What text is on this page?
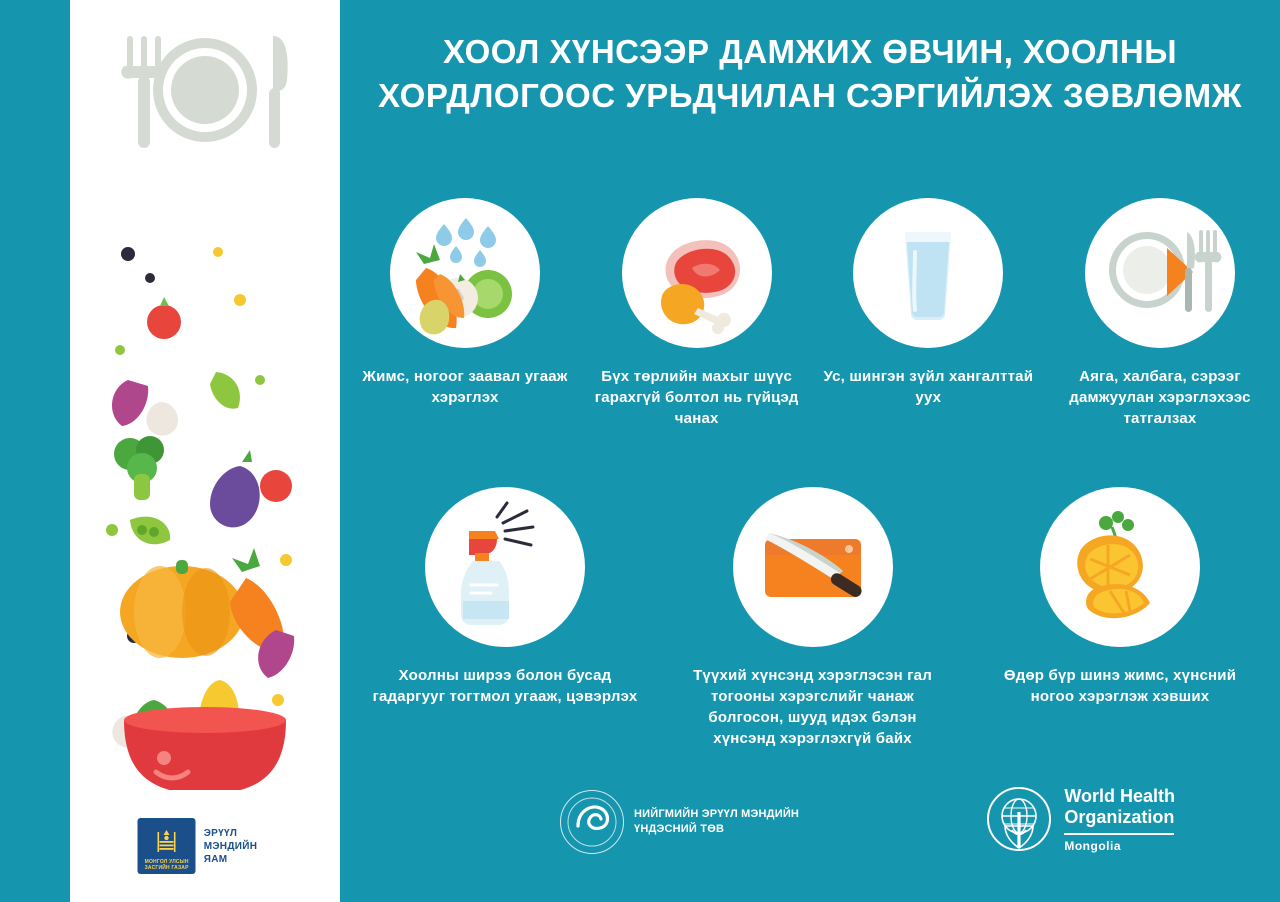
МОНГОЛ УЛСЫН
ЗАСГИЙН ГАЗАР
ЭРҮҮЛ
МЭНДИЙН ЯАМ
ХООЛ ХҮНСЭЭР ДАМЖИХ ӨВЧИН, ХООЛНЫ ХОРДЛОГООС УРЬДЧИЛАН СЭРГИЙЛЭХ ЗӨВЛӨМЖ
Жимс, ногоог заавал угааж хэрэглэх
Бүх төрлийн махыг шүүс гарахгүй болтол нь гүйцэд чанах
Ус, шингэн зүйл хангалттай уух
Аяга, халбага, сэрээг дамжуулан хэрэглэхээс татгалзах
Хоолны ширээ болон бусад гадаргууг тогтмол угааж, цэвэрлэх
Түүхий хүнсэнд хэрэглэсэн гал тогооны хэрэгслийг чанаж болгосон, шууд идэх бэлэн хүнсэнд хэрэглэхгүй байх
Өдөр бүр шинэ жимс, хүнсний ногоо хэрэглэж хэвших
НИЙГМИЙН ЭРҮҮЛ МЭНДИЙН
ҮНДЭСНИЙ ТӨВ
World Health
Organization
Mongolia
